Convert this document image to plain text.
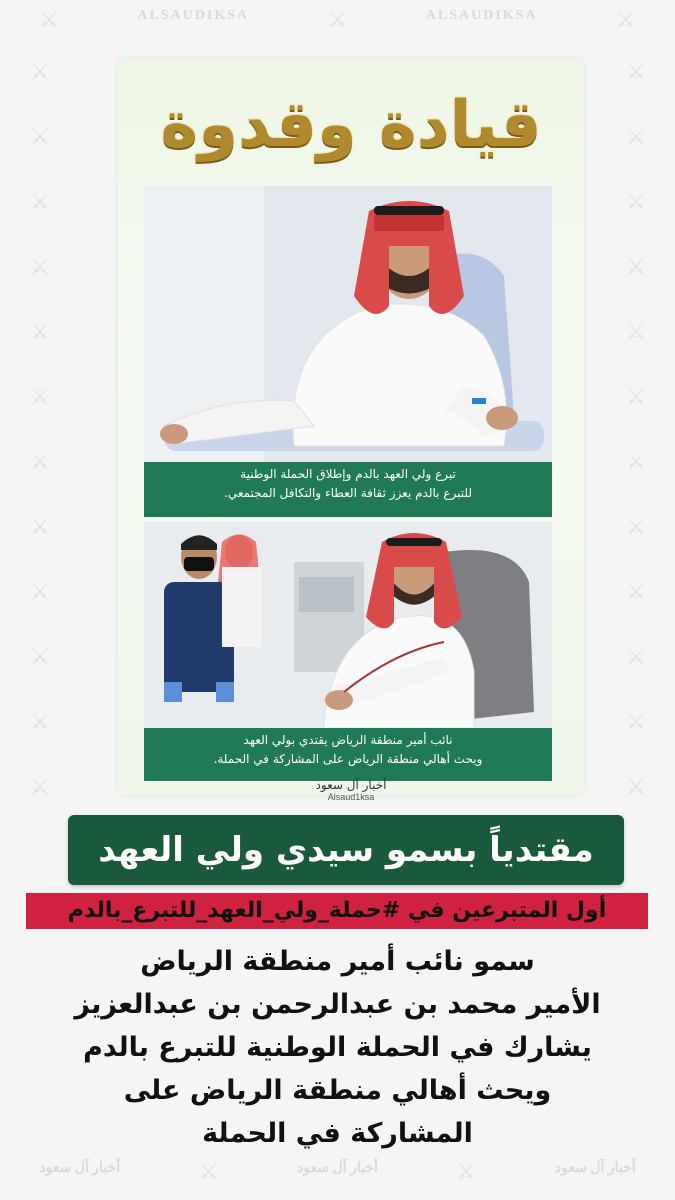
⚔	ALSAUDIKSA	⚔	ALSAUDIKSA	⚔
أخبار آل سعود	⚔	أخبار آل سعود	⚔	أخبار آل سعود
⚔
⚔
⚔
⚔
⚔
⚔
⚔
⚔
⚔
⚔
⚔
⚔
⚔
⚔
⚔
⚔
⚔
⚔
⚔
⚔
⚔
⚔
⚔
⚔
قيادة وقدوة
تبرع ولي العهد بالدم وإطلاق الحملة الوطنية
للتبرع بالدم يعزز ثقافة العطاء والتكافل المجتمعي.
نائب أمير منطقة الرياض يقتدي بولي العهد
ويحث أهالي منطقة الرياض على المشاركة في الحملة.
أخبار آل سعود
Alsaud1ksa
مقتدياً بسمو سيدي ولي العهد
أول المتبرعين في #حملة_ولي_العهد_للتبرع_بالدم
سمو نائب أمير منطقة الرياض
الأمير محمد بن عبدالرحمن بن عبدالعزيز
يشارك في الحملة الوطنية للتبرع بالدم
ويحث أهالي منطقة الرياض على
المشاركة في الحملة
